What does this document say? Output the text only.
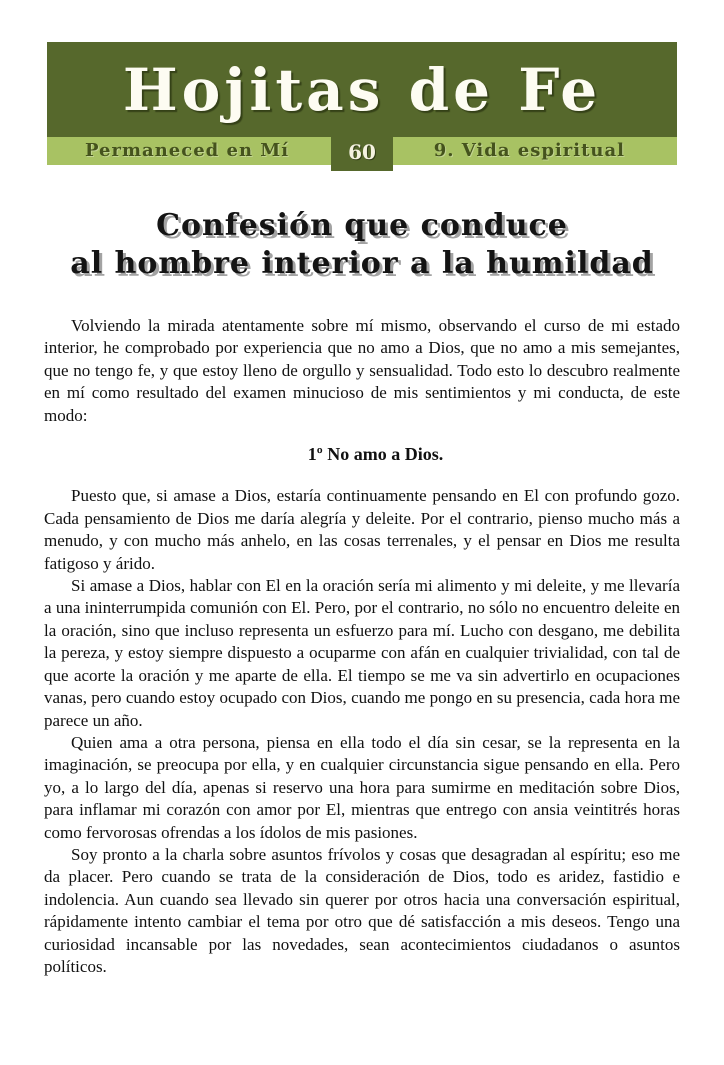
Hojitas de Fe
Permaneced en Mí	60	9. Vida espiritual
Confesión que conduce
al hombre interior a la humildad

Volviendo la mirada atentamente sobre mí mismo, observando el curso de mi estado interior, he comprobado por experiencia que no amo a Dios, que no amo a mis semejantes, que no tengo fe, y que estoy lleno de orgullo y sensualidad. Todo esto lo descubro realmente en mí como resultado del examen minucioso de mis sentimientos y mi conducta, de este modo:

1º No amo a Dios.

Puesto que, si amase a Dios, estaría continuamente pensando en El con profundo gozo. Cada pensamiento de Dios me daría alegría y deleite. Por el contrario, pienso mucho más a menudo, y con mucho más anhelo, en las cosas terrenales, y el pensar en Dios me resulta fatigoso y árido.

Si amase a Dios, hablar con El en la oración sería mi alimento y mi deleite, y me llevaría a una ininterrumpida comunión con El. Pero, por el contrario, no sólo no encuentro deleite en la oración, sino que incluso representa un esfuerzo para mí. Lucho con desgano, me debilita la pereza, y estoy siempre dispuesto a ocuparme con afán en cualquier trivialidad, con tal de que acorte la oración y me aparte de ella. El tiempo se me va sin advertirlo en ocupaciones vanas, pero cuando estoy ocupado con Dios, cuando me pongo en su presencia, cada hora me parece un año.

Quien ama a otra persona, piensa en ella todo el día sin cesar, se la representa en la imaginación, se preocupa por ella, y en cualquier circunstancia sigue pensando en ella. Pero yo, a lo largo del día, apenas si reservo una hora para sumirme en meditación sobre Dios, para inflamar mi corazón con amor por El, mientras que entrego con ansia veintitrés horas como fervorosas ofrendas a los ídolos de mis pasiones.

Soy pronto a la charla sobre asuntos frívolos y cosas que desagradan al espíritu; eso me da placer. Pero cuando se trata de la consideración de Dios, todo es aridez, fastidio e indolencia. Aun cuando sea llevado sin querer por otros hacia una conversación espiritual, rápidamente intento cambiar el tema por otro que dé satisfacción a mis deseos. Tengo una curiosidad incansable por las novedades, sean acontecimientos ciudadanos o asuntos políticos.
